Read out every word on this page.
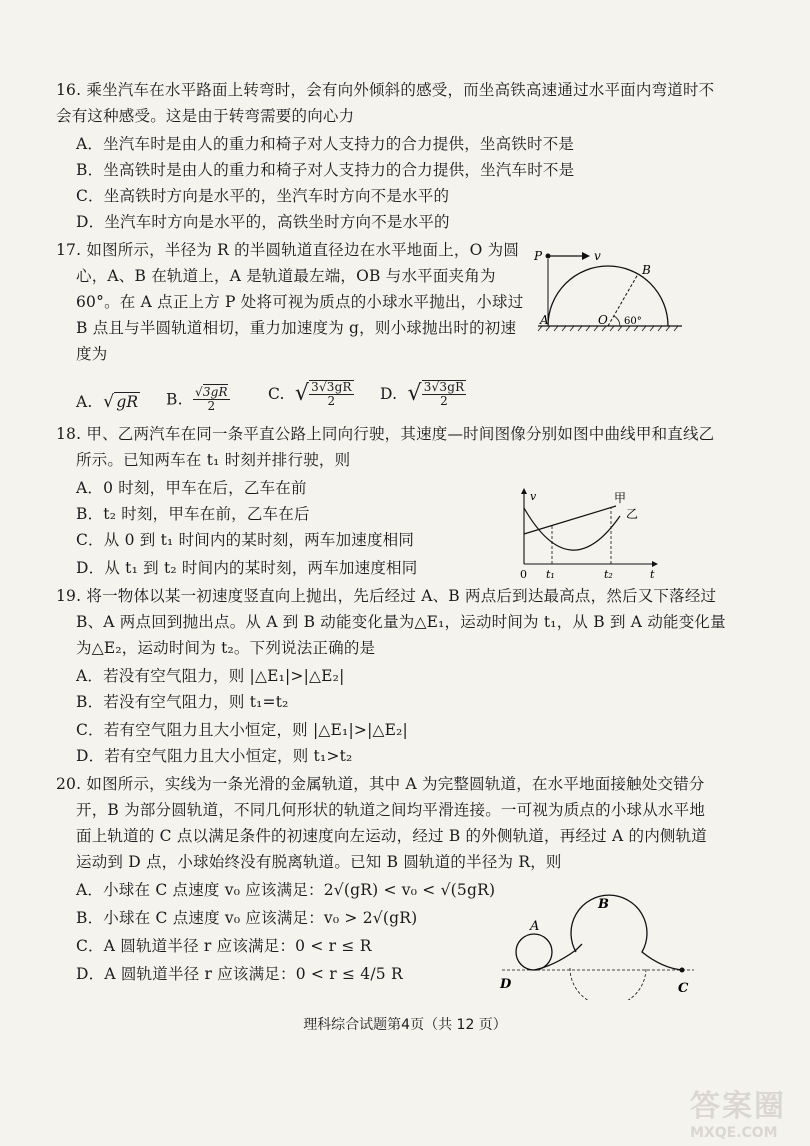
16. 乘坐汽车在水平路面上转弯时，会有向外倾斜的感受，而坐高铁高速通过水平面内弯道时不
会有这种感受。这是由于转弯需要的向心力
A．坐汽车时是由人的重力和椅子对人支持力的合力提供，坐高铁时不是
B．坐高铁时是由人的重力和椅子对人支持力的合力提供，坐汽车时不是
C．坐高铁时方向是水平的，坐汽车时方向不是水平的
D．坐汽车时方向是水平的，高铁坐时方向不是水平的
17. 如图所示，半径为 R 的半圆轨道直径边在水平地面上，O 为圆
心，A、B 在轨道上，A 是轨道最左端，OB 与水平面夹角为
60°。在 A 点正上方 P 处将可视为质点的小球水平抛出，小球过
B 点且与半圆轨道相切，重力加速度为 g，则小球抛出时的初速
度为
A.  √ gR B. $\frac{√3gR}{2} C$. √ $\frac{3√3gR}{2} D$. √ $\frac{3√3gR}{2}$
P	v
A
B
O 60°
18. 甲、乙两汽车在同一条平直公路上同向行驶，其速度—时间图像分别如图中曲线甲和直线乙
所示。已知两车在 t₁ 时刻并排行驶，则
A．0 时刻，甲车在后，乙车在前
B．t₂ 时刻，甲车在前，乙车在后
C．从 0 到 t₁ 时间内的某时刻，两车加速度相同
D．从 t₁ 到 t₂ 时间内的某时刻，两车加速度相同
v
t
0 t₁	t₂
甲
乙
19. 将一物体以某一初速度竖直向上抛出，先后经过 A、B 两点后到达最高点，然后又下落经过
B、A 两点回到抛出点。从 A 到 B 动能变化量为△E₁，运动时间为 t₁，从 B 到 A 动能变化量
为△E₂，运动时间为 t₂。下列说法正确的是
A．若没有空气阻力，则 |△E₁|>|△E₂|
B．若没有空气阻力，则 t₁=t₂
C．若有空气阻力且大小恒定，则 |△E₁|>|△E₂|
D．若有空气阻力且大小恒定，则 t₁>t₂
20. 如图所示，实线为一条光滑的金属轨道，其中 A 为完整圆轨道，在水平地面接触处交错分
开，B 为部分圆轨道，不同几何形状的轨道之间均平滑连接。一可视为质点的小球从水平地
面上轨道的 C 点以满足条件的初速度向左运动，经过 B 的外侧轨道，再经过 A 的内侧轨道
运动到 D 点，小球始终没有脱离轨道。已知 B 圆轨道的半径为 R，则
A．小球在 C 点速度 v₀ 应该满足：2√(gR) < v₀ < √(5gR)
B．小球在 C 点速度 v₀ 应该满足：v₀ > 2√(gR)
C．A 圆轨道半径 r 应该满足：0 < r ≤ R
D．A 圆轨道半径 r 应该满足：0 < r ≤ 4/5 R
A
B
D	C
理科综合试题第4页（共 12 页）
答案圈
MXQE.COM
